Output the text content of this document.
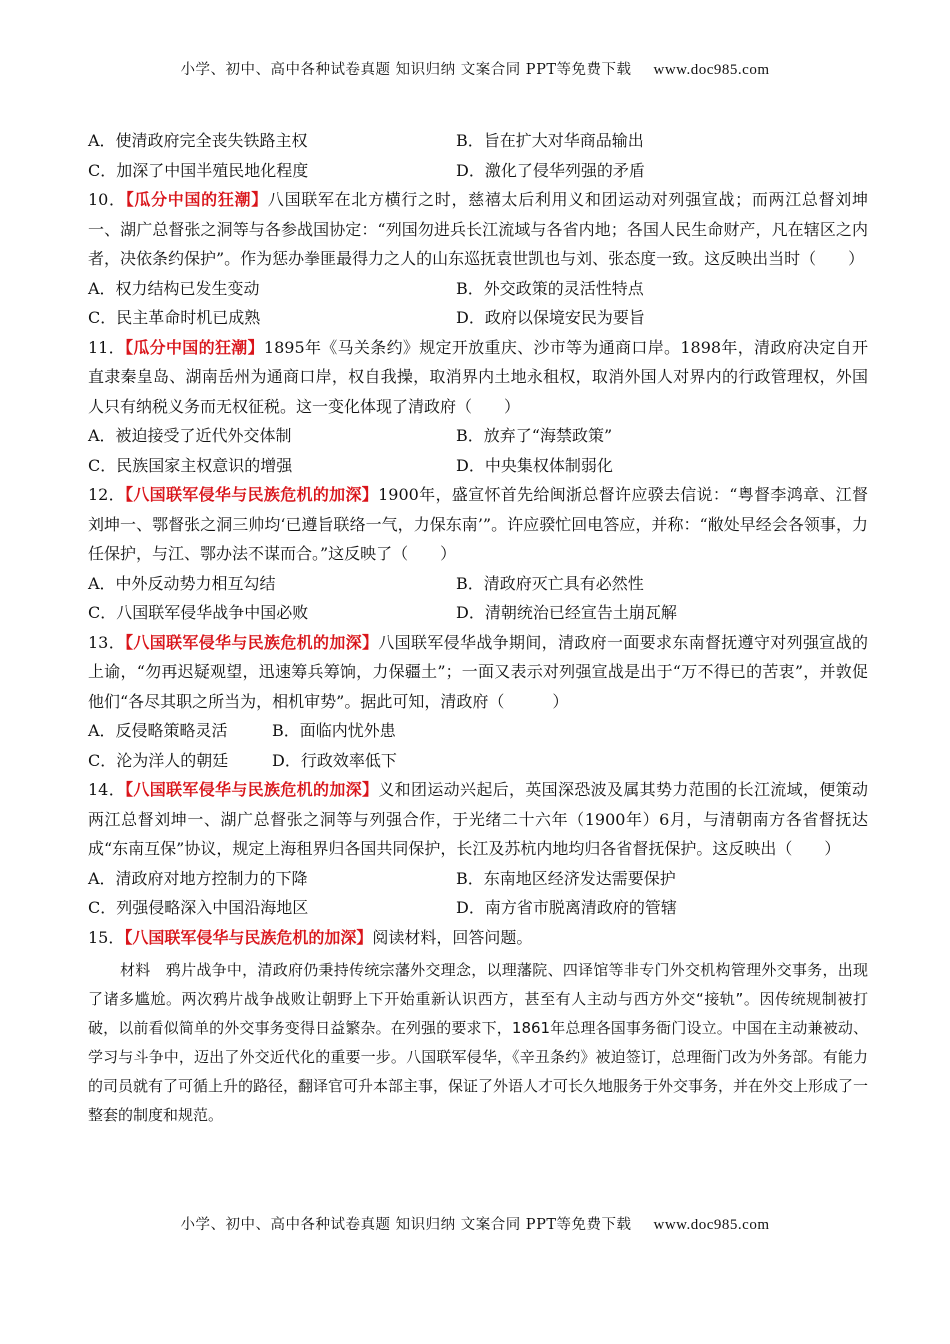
小学、初中、高中各种试卷真题 知识归纳 文案合同 PPT等免费下载 www.doc985.com
A．使清政府完全丧失铁路主权	B．旨在扩大对华商品输出
C．加深了中国半殖民地化程度	D．激化了侵华列强的矛盾

10．【瓜分中国的狂潮】八国联军在北方横行之时，慈禧太后利用义和团运动对列强宣战；而两江总督刘坤一、湖广总督张之洞等与各参战国协定：“列国勿进兵长江流域与各省内地；各国人民生命财产，凡在辖区之内者，决依条约保护”。作为惩办拳匪最得力之人的山东巡抚袁世凯也与刘、张态度一致。这反映出当时（　　）

A．权力结构已发生变动	B．外交政策的灵活性特点
C．民主革命时机已成熟	D．政府以保境安民为要旨

11．【瓜分中国的狂潮】1895年《马关条约》规定开放重庆、沙市等为通商口岸。1898年，清政府决定自开直隶秦皇岛、湖南岳州为通商口岸，权自我操，取消界内土地永租权，取消外国人对界内的行政管理权，外国人只有纳税义务而无权征税。这一变化体现了清政府（　　）

A．被迫接受了近代外交体制	B．放弃了“海禁政策”
C．民族国家主权意识的增强	D．中央集权体制弱化

12．【八国联军侵华与民族危机的加深】1900年，盛宣怀首先给闽浙总督许应骙去信说：“粤督李鸿章、江督刘坤一、鄂督张之洞三帅均‘已遵旨联络一气，力保东南’”。许应骙忙回电答应，并称：“敝处早经会各领事，力任保护，与江、鄂办法不谋而合。”这反映了（　　）

A．中外反动势力相互勾结	B．清政府灭亡具有必然性
C．八国联军侵华战争中国必败	D．清朝统治已经宣告土崩瓦解

13．【八国联军侵华与民族危机的加深】八国联军侵华战争期间，清政府一面要求东南督抚遵守对列强宣战的上谕，“勿再迟疑观望，迅速筹兵筹饷，力保疆土”；一面又表示对列强宣战是出于“万不得已的苦衷”，并敦促他们“各尽其职之所当为，相机审势”。据此可知，清政府（　　　）

A．反侵略策略灵活	B．面临内忧外患
C．沦为洋人的朝廷	D．行政效率低下

14．【八国联军侵华与民族危机的加深】义和团运动兴起后，英国深恐波及属其势力范围的长江流域，便策动两江总督刘坤一、湖广总督张之洞等与列强合作，于光绪二十六年（1900年）6月，与清朝南方各省督抚达成“东南互保”协议，规定上海租界归各国共同保护，长江及苏杭内地均归各省督抚保护。这反映出（　　）

A．清政府对地方控制力的下降	B．东南地区经济发达需要保护
C．列强侵略深入中国沿海地区	D．南方省市脱离清政府的管辖

15．【八国联军侵华与民族危机的加深】阅读材料，回答问题。

材料　鸦片战争中，清政府仍秉持传统宗藩外交理念，以理藩院、四译馆等非专门外交机构管理外交事务，出现了诸多尴尬。两次鸦片战争战败让朝野上下开始重新认识西方，甚至有人主动与西方外交“接轨”。因传统规制被打破，以前看似简单的外交事务变得日益繁杂。在列强的要求下，1861年总理各国事务衙门设立。中国在主动兼被动、学习与斗争中，迈出了外交近代化的重要一步。八国联军侵华，《辛丑条约》被迫签订，总理衙门改为外务部。有能力的司员就有了可循上升的路径，翻译官可升本部主事，保证了外语人才可长久地服务于外交事务，并在外交上形成了一整套的制度和规范。

小学、初中、高中各种试卷真题 知识归纳 文案合同 PPT等免费下载 www.doc985.com
